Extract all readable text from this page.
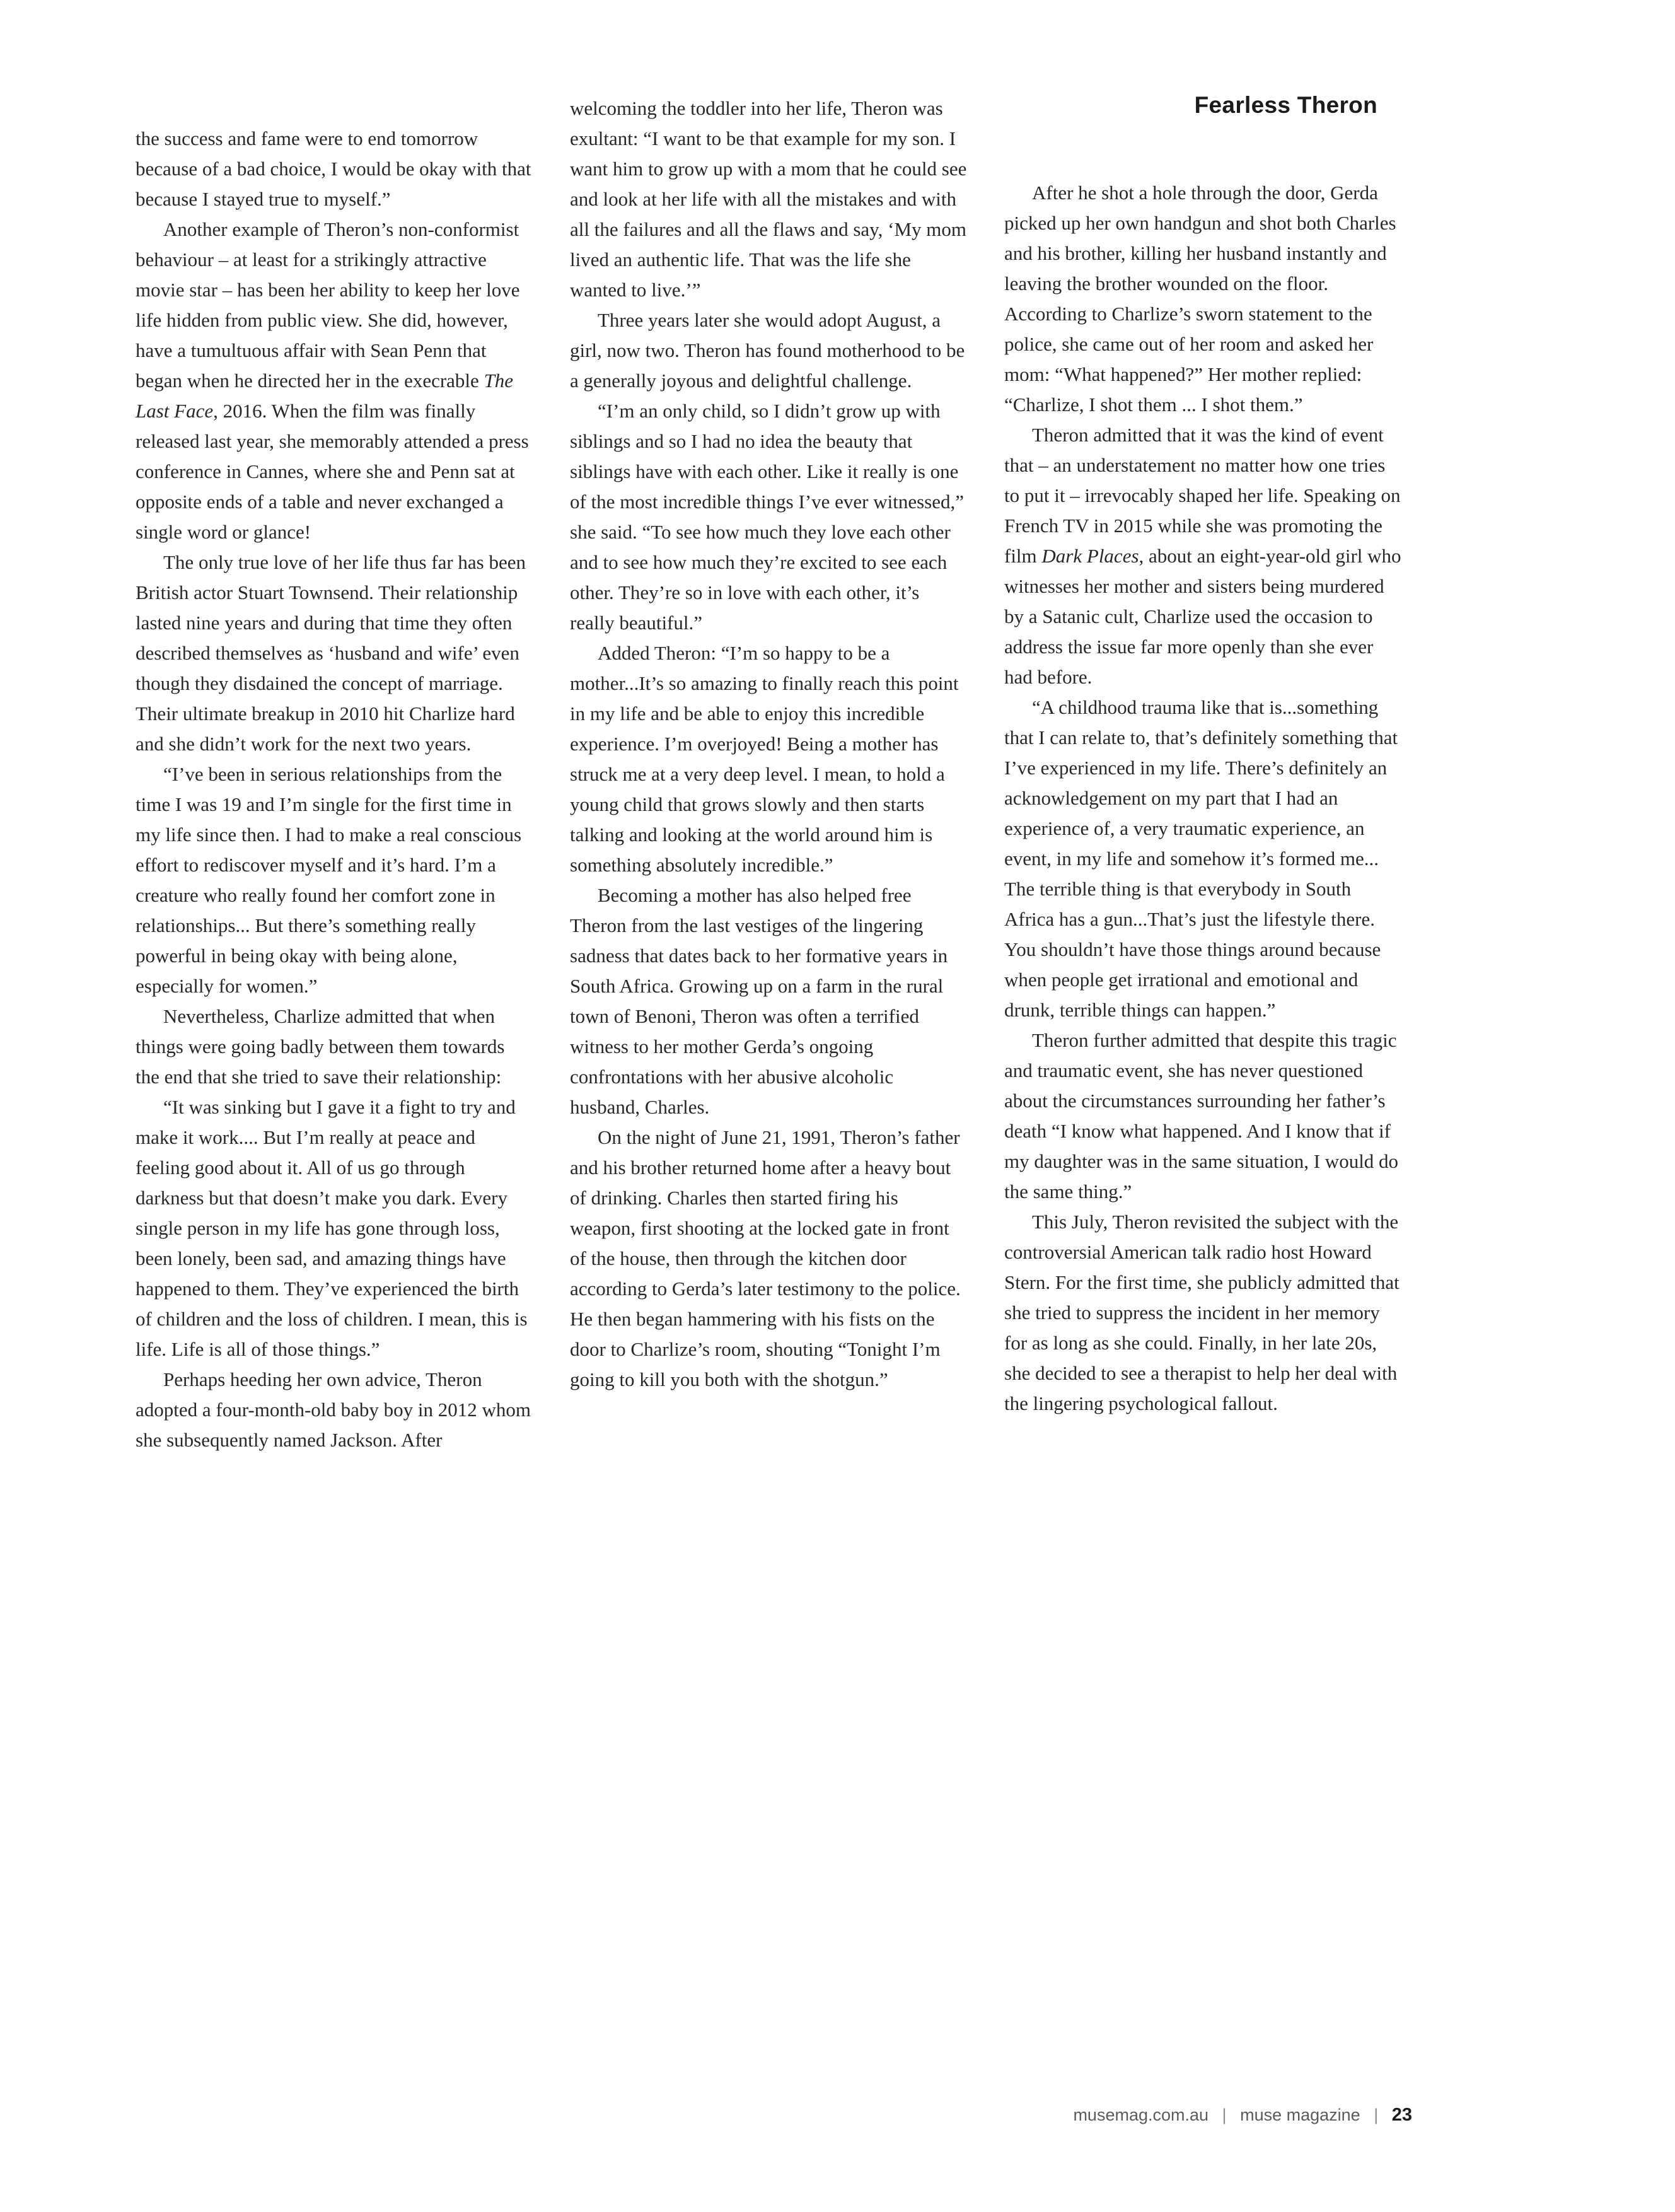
Fearless Theron

the success and fame were to end tomorrow because of a bad choice, I would be okay with that because I stayed true to myself.”

Another example of Theron’s non-conformist behaviour – at least for a strikingly attractive movie star – has been her ability to keep her love life hidden from public view. She did, however, have a tumultuous affair with Sean Penn that began when he directed her in the execrable The Last Face, 2016. When the film was finally released last year, she memorably attended a press conference in Cannes, where she and Penn sat at opposite ends of a table and never exchanged a single word or glance!

The only true love of her life thus far has been British actor Stuart Townsend. Their relationship lasted nine years and during that time they often described themselves as ‘husband and wife’ even though they disdained the concept of marriage. Their ultimate breakup in 2010 hit Charlize hard and she didn’t work for the next two years.

“I’ve been in serious relationships from the time I was 19 and I’m single for the first time in my life since then. I had to make a real conscious effort to rediscover myself and it’s hard. I’m a creature who really found her comfort zone in relationships... But there’s something really powerful in being okay with being alone, especially for women.”

Nevertheless, Charlize admitted that when things were going badly between them towards the end that she tried to save their relationship:

“It was sinking but I gave it a fight to try and make it work.... But I’m really at peace and feeling good about it. All of us go through darkness but that doesn’t make you dark. Every single person in my life has gone through loss, been lonely, been sad, and amazing things have happened to them. They’ve experienced the birth of children and the loss of children. I mean, this is life. Life is all of those things.”

Perhaps heeding her own advice, Theron adopted a four-month-old baby boy in 2012 whom she subsequently named Jackson. After

welcoming the toddler into her life, Theron was exultant: “I want to be that example for my son. I want him to grow up with a mom that he could see and look at her life with all the mistakes and with all the failures and all the flaws and say, ‘My mom lived an authentic life. That was the life she wanted to live.’”

Three years later she would adopt August, a girl, now two. Theron has found motherhood to be a generally joyous and delightful challenge.

“I’m an only child, so I didn’t grow up with siblings and so I had no idea the beauty that siblings have with each other. Like it really is one of the most incredible things I’ve ever witnessed,” she said. “To see how much they love each other and to see how much they’re excited to see each other. They’re so in love with each other, it’s really beautiful.”

Added Theron: “I’m so happy to be a mother...It’s so amazing to finally reach this point in my life and be able to enjoy this incredible experience. I’m overjoyed! Being a mother has struck me at a very deep level. I mean, to hold a young child that grows slowly and then starts talking and looking at the world around him is something absolutely incredible.”

Becoming a mother has also helped free Theron from the last vestiges of the lingering sadness that dates back to her formative years in South Africa. Growing up on a farm in the rural town of Benoni, Theron was often a terrified witness to her mother Gerda’s ongoing confrontations with her abusive alcoholic husband, Charles.

On the night of June 21, 1991, Theron’s father and his brother returned home after a heavy bout of drinking. Charles then started firing his weapon, first shooting at the locked gate in front of the house, then through the kitchen door according to Gerda’s later testimony to the police. He then began hammering with his fists on the door to Charlize’s room, shouting “Tonight I’m going to kill you both with the shotgun.”

After he shot a hole through the door, Gerda picked up her own handgun and shot both Charles and his brother, killing her husband instantly and leaving the brother wounded on the floor. According to Charlize’s sworn statement to the police, she came out of her room and asked her mom: “What happened?” Her mother replied: “Charlize, I shot them ... I shot them.”

Theron admitted that it was the kind of event that – an understatement no matter how one tries to put it – irrevocably shaped her life. Speaking on French TV in 2015 while she was promoting the film Dark Places, about an eight-year-old girl who witnesses her mother and sisters being murdered by a Satanic cult, Charlize used the occasion to address the issue far more openly than she ever had before.

“A childhood trauma like that is...something that I can relate to, that’s definitely something that I’ve experienced in my life. There’s definitely an acknowledgement on my part that I had an experience of, a very traumatic experience, an event, in my life and somehow it’s formed me... The terrible thing is that everybody in South Africa has a gun...That’s just the lifestyle there. You shouldn’t have those things around because when people get irrational and emotional and drunk, terrible things can happen.”

Theron further admitted that despite this tragic and traumatic event, she has never questioned about the circumstances surrounding her father’s death “I know what happened. And I know that if my daughter was in the same situation, I would do the same thing.”

This July, Theron revisited the subject with the controversial American talk radio host Howard Stern. For the first time, she publicly admitted that she tried to suppress the incident in her memory for as long as she could. Finally, in her late 20s, she decided to see a therapist to help her deal with the lingering psychological fallout.

musemag.com.au | muse magazine | 23
